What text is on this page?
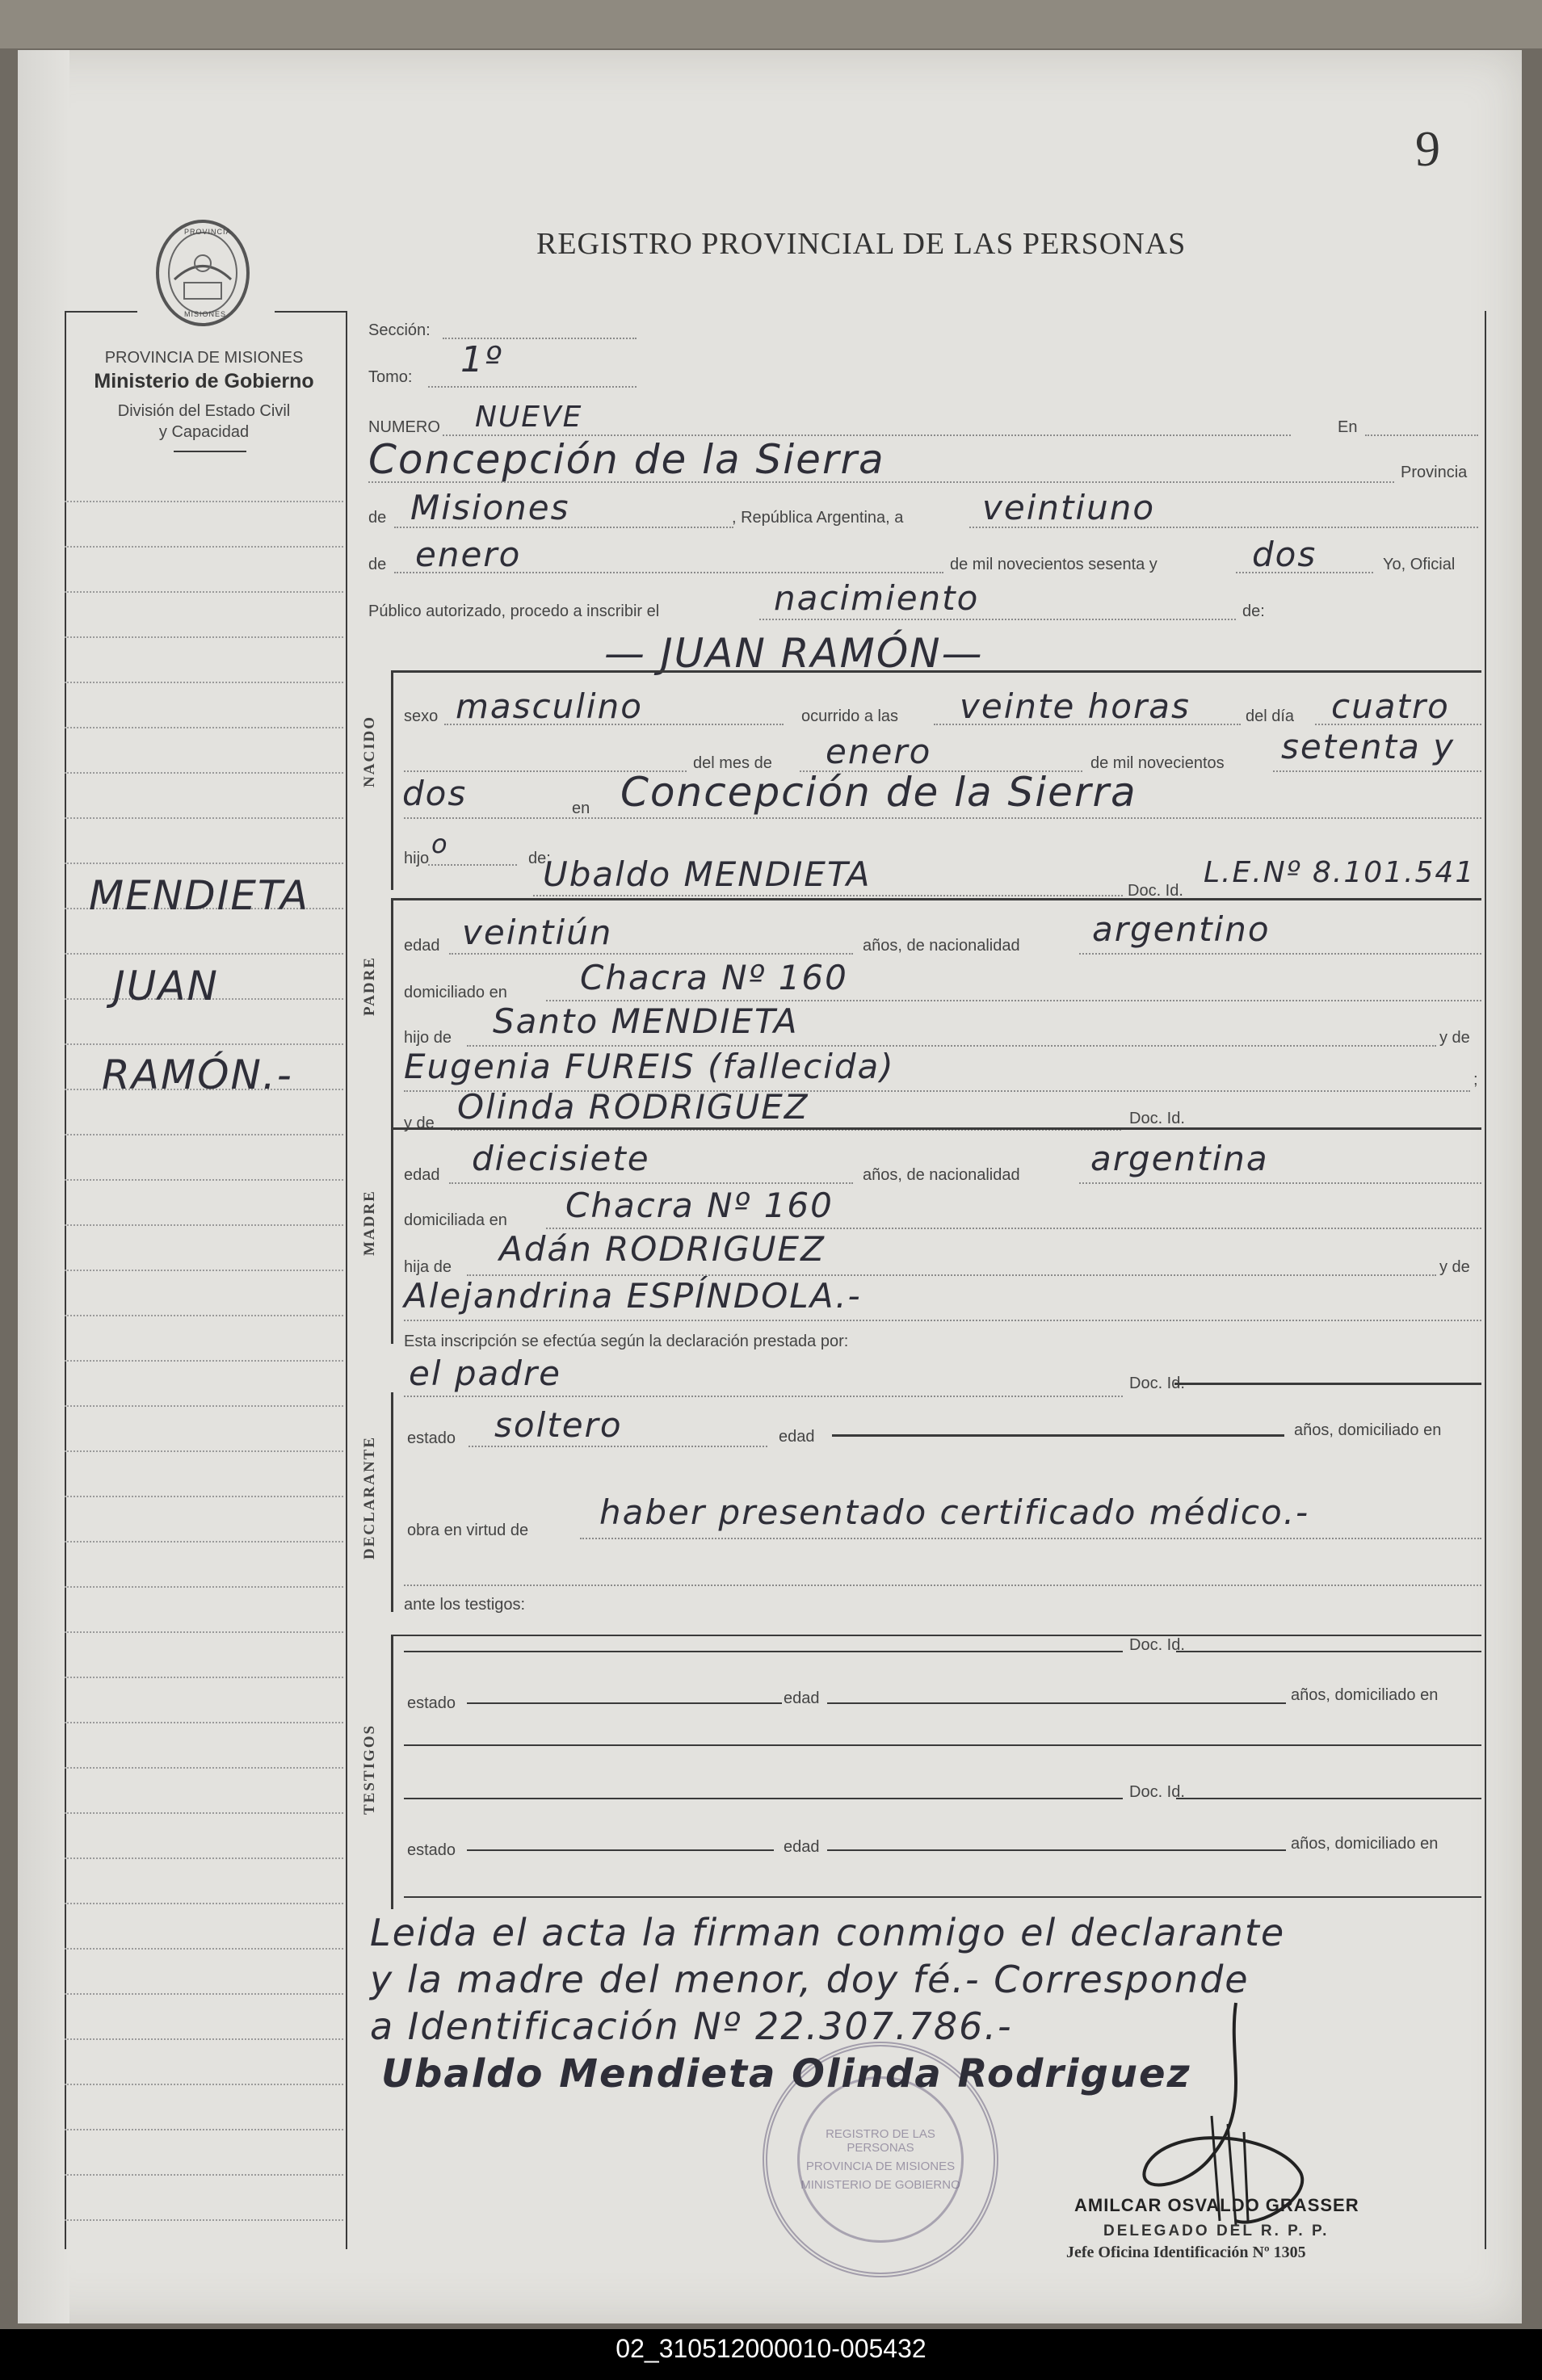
9
PROVINCIA
MISIONES
REGISTRO PROVINCIAL DE LAS PERSONAS
PROVINCIA DE MISIONES
Ministerio de Gobierno
División del Estado Civil
y Capacidad
MENDIETA
JUAN
RAMÓN.-
Sección:
Tomo: 1º
NUMERO NUEVE	En
Concepción de la Sierra	Provincia
de Misiones	, República Argentina, a veintiuno
de enero	de mil novecientos sesenta y	dos	Yo, Oficial
Público autorizado, procedo a inscribir el	nacimiento	de:
— JUAN RAMÓN—
NACIDO sexo masculino	ocurrido a las veinte horas	del día cuatro
del mes de enero	de mil novecientos setenta y
dos	en Concepción de la Sierra
hijo o	de:
Ubaldo MENDIETA	Doc. Id.
L.E.Nº 8.101.541
PADRE
edad veintiún	años, de nacionalidad argentino
domiciliado en Chacra Nº 160
hijo de Santo MENDIETA	y de
Eugenia FUREIS (fallecida)	;
y de Olinda RODRIGUEZ	Doc. Id.
MADRE
edad diecisiete	años, de nacionalidad argentina
domiciliada en Chacra Nº 160
hija de Adán RODRIGUEZ	y de
Alejandrina ESPÍNDOLA.-
Esta inscripción se efectúa según la declaración prestada por:
el padre	Doc. Id.
DECLARANTE estado soltero	edad	años, domiciliado en
obra en virtud de haber presentado certificado médico.-
ante los testigos:
TESTIGOS
Doc. Id.
estado	edad	años, domiciliado en
Doc. Id.
estado	edad	años, domiciliado en
REGISTRO DE LAS PERSONAS
PROVINCIA DE MISIONES
MINISTERIO DE GOBIERNO
Leida el acta la firman conmigo el declarante
y la madre del menor, doy fé.- Corresponde
a Identificación Nº 22.307.786.-
Ubaldo Mendieta Olinda Rodriguez
AMILCAR OSVALDO GRASSER
DELEGADO DEL R. P. P.
Jefe Oficina Identificación Nº 1305
02_310512000010-005432
